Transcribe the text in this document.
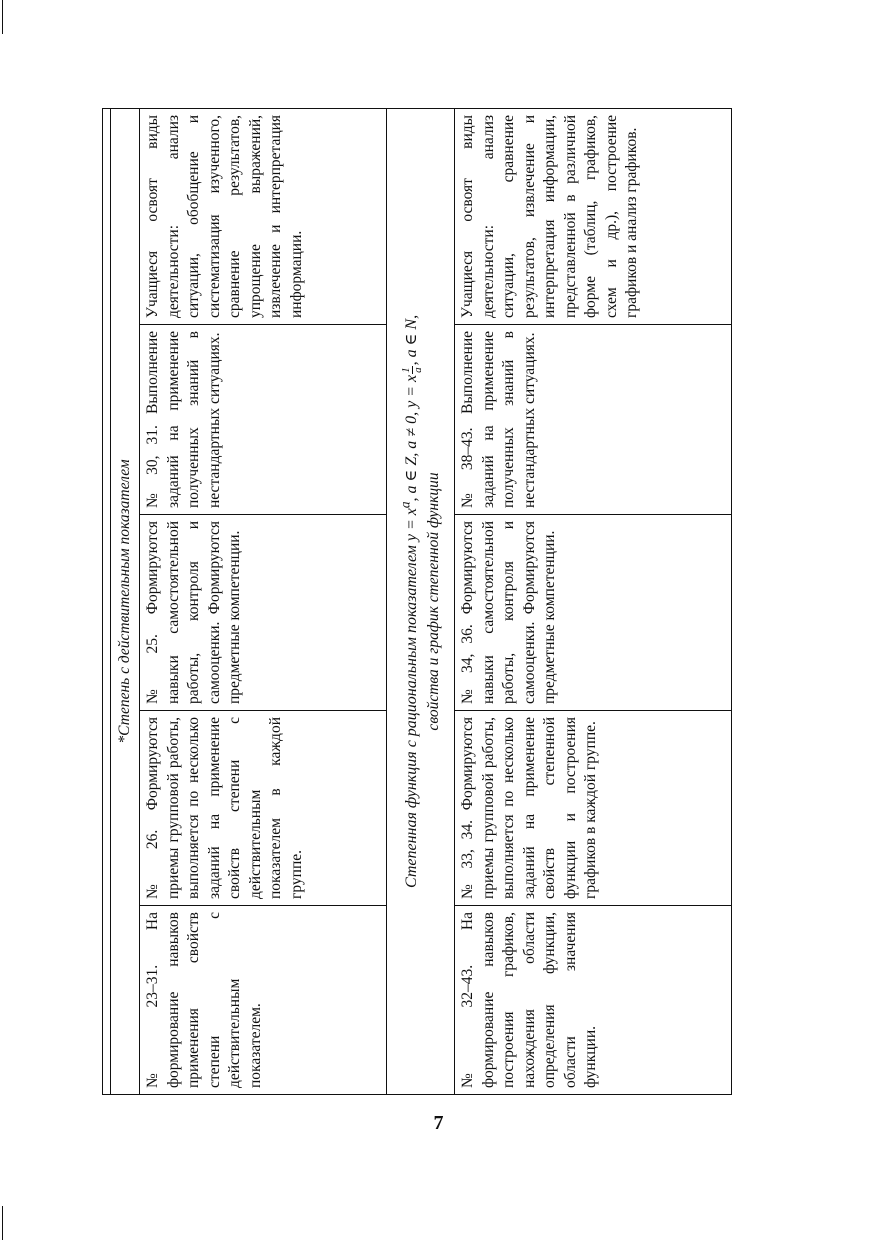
*Степень с действительным показателем				
№ 23–31. На формирование навыков применения свойств степени с действительным показателем.	№ 26. Формируются приемы групповой работы, выполняется по несколько заданий на применение свойств степени с действительным показателем в каждой группе.	№ 25. Формируются навыки самостоятельной работы, контроля и самооценки. Формируются предметные компетенции.	№ 30, 31. Выполнение заданий на применение полученных знаний в нестандартных ситуациях.	Учащиеся освоят виды деятельности: анализ ситуации, обобщение и систематизация изученного, сравнение результатов, упрощение выражений, извлечение и интерпретация информации.
Степенная функция с рациональным показателем $y = x^a$, a ∈ Z, a ≠ 0, y = x
1 a
, a ∈ N,
свойства и график степенной функции				
№ 32–43. На формирование навыков построения графиков, нахождения области определения функции, области значения функции.	№ 33, 34. Формируются приемы групповой работы, выполняется по несколько заданий на применение свойств степенной функции и построения графиков в каждой группе.	№ 34, 36. Формируются навыки самостоятельной работы, контроля и самооценки. Формируются предметные компетенции.	№ 38–43. Выполнение заданий на применение полученных знаний в нестандартных ситуациях.	Учащиеся освоят виды деятельности: анализ ситуации, сравнение результатов, извлечение и интерпретация информации, представленной в различной форме (таблиц, графиков, схем и др.), построение графиков и анализ графиков.
7
